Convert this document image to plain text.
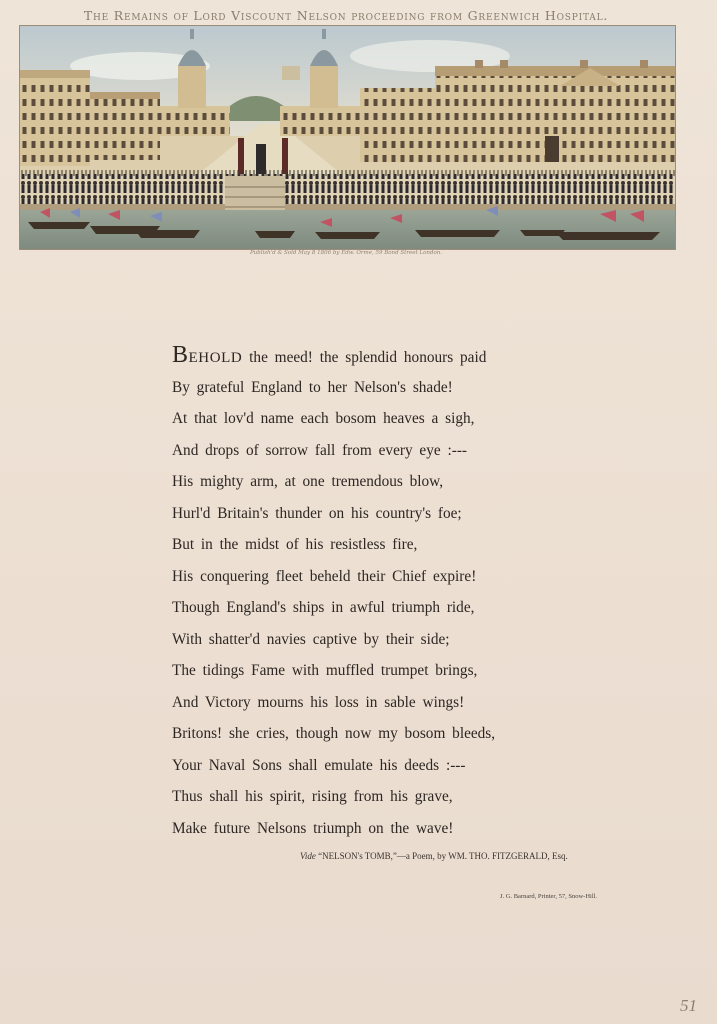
The Remains of Lord Viscount Nelson proceeding from Greenwich Hospital.
Publish'd & Sold May 8 1806 by Edw. Orme, 59 Bond Street London.
BEHOLD the meed! the splendid honours paid
By grateful England to her Nelson's shade!
At that lov'd name each bosom heaves a sigh,
And drops of sorrow fall from every eye :---
His mighty arm, at one tremendous blow,
Hurl'd Britain's thunder on his country's foe;
But in the midst of his resistless fire,
His conquering fleet beheld their Chief expire!
Though England's ships in awful triumph ride,
With shatter'd navies captive by their side;
The tidings Fame with muffled trumpet brings,
And Victory mourns his loss in sable wings!
Britons! she cries, though now my bosom bleeds,
Your Naval Sons shall emulate his deeds :---
Thus shall his spirit, rising from his grave,
Make future Nelsons triumph on the wave!
Vide “NELSON's TOMB,”—a Poem, by WM. THO. FITZGERALD, Esq.
J. G. Barnard, Printer, 57, Snow-Hill.
51
